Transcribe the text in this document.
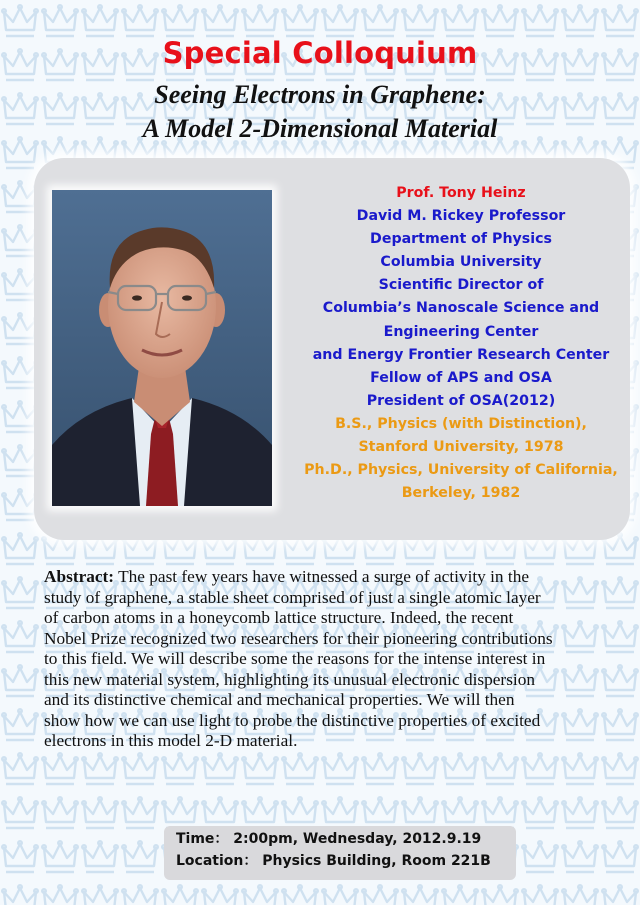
Special Colloquium
Seeing Electrons in Graphene:
A Model 2-Dimensional Material
Prof. Tony Heinz
David M. Rickey Professor
Department of Physics
Columbia University
Scientific Director of
Columbia’s Nanoscale Science and
Engineering Center
and Energy Frontier Research Center
Fellow of APS and OSA
President of OSA(2012)
B.S., Physics (with Distinction),
Stanford University, 1978
Ph.D., Physics, University of California,
Berkeley, 1982
Abstract: The past few years have witnessed a surge of activity in the
study of graphene, a stable sheet comprised of just a single atomic layer
of carbon atoms in a honeycomb lattice structure. Indeed, the recent
Nobel Prize recognized two researchers for their pioneering contributions
to this field. We will describe some the reasons for the intense interest in
this new material system, highlighting its unusual electronic dispersion
and its distinctive chemical and mechanical properties. We will then
show how we can use light to probe the distinctive properties of excited
electrons in this model 2-D material.
Time： 2:00pm, Wednesday, 2012.9.19
Location： Physics Building, Room 221B
